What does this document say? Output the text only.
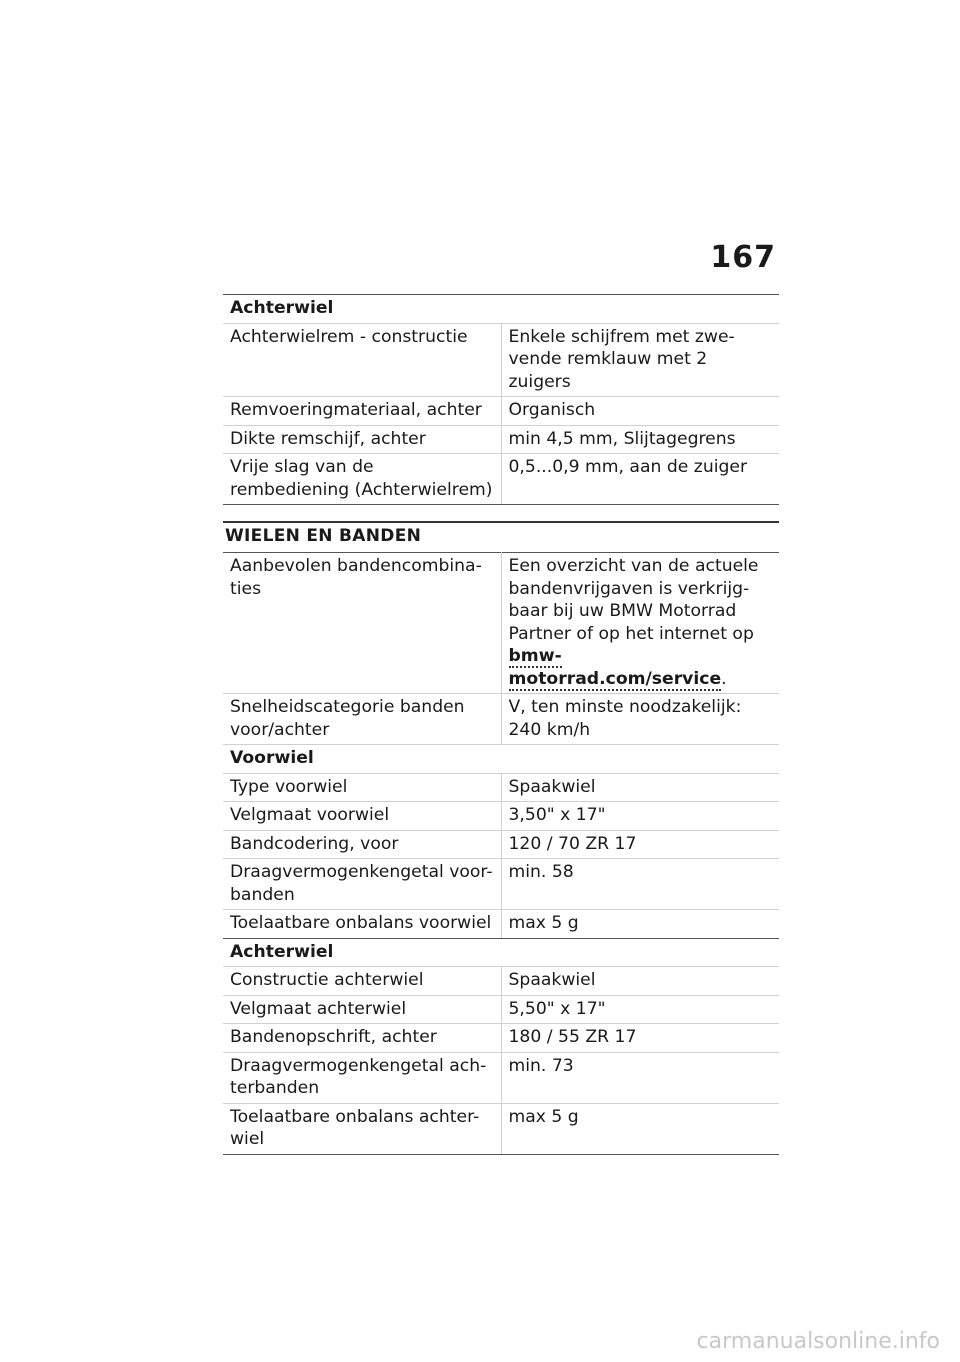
167
Achterwiel	
Achterwielrem - constructie	Enkele schijfrem met zwe-vende remklauw met 2 zuigers
Remvoeringmateriaal, achter	Organisch
Dikte remschijf, achter	min 4,5 mm, Slijtagegrens
Vrije slag van de rembediening (Achterwielrem)	0,5...0,9 mm, aan de zuiger
WIELEN EN BANDEN
Aanbevolen bandencombina-ties	Een overzicht van de actuele bandenvrijgaven is verkrijg-baar bij uw BMW Motorrad Partner of op het internet op bmw-motorrad.com/service.
Snelheidscategorie banden voor/achter	V, ten minste noodzakelijk: 240 km/h
Voorwiel	
Type voorwiel	Spaakwiel
Velgmaat voorwiel	3,50" x 17"
Bandcodering, voor	120 / 70 ZR 17
Draagvermogenkengetal voor-banden	min. 58
Toelaatbare onbalans voorwiel	max 5 g
Achterwiel	
Constructie achterwiel	Spaakwiel
Velgmaat achterwiel	5,50" x 17"
Bandenopschrift, achter	180 / 55 ZR 17
Draagvermogenkengetal ach-terbanden	min. 73
Toelaatbare onbalans achter-wiel	max 5 g
carmanualsonline.info
